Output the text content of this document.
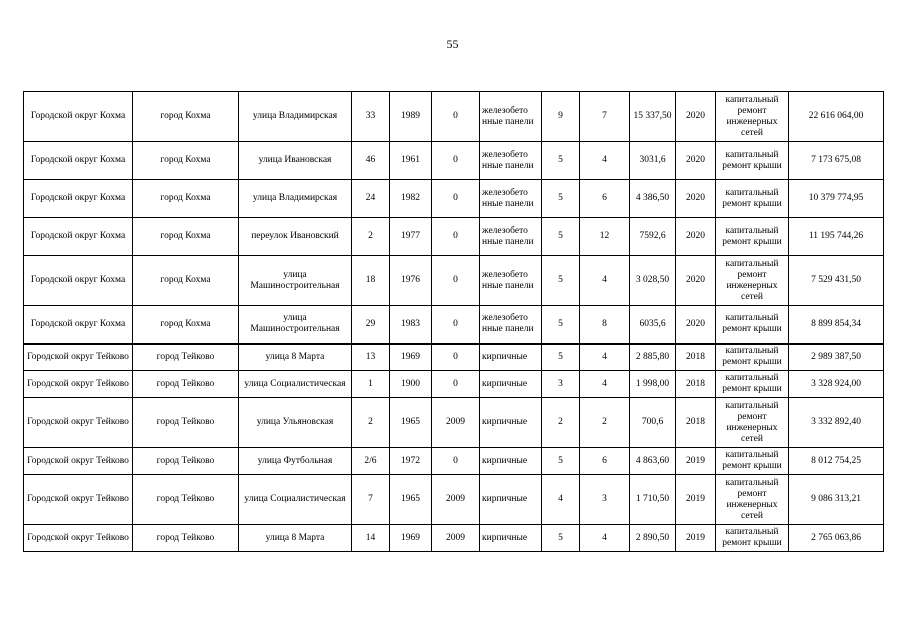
55
Городской округ Кохма	город Кохма	улица Владимирская	33	1989	0	железобето нные панели	9	7	15 337,50	2020	капитальный ремонт инженерных сетей	22 616 064,00
Городской округ Кохма	город Кохма	улица Ивановская	46	1961	0	железобето нные панели	5	4	3031,6	2020	капитальный ремонт крыши	7 173 675,08
Городской округ Кохма	город Кохма	улица Владимирская	24	1982	0	железобето нные панели	5	6	4 386,50	2020	капитальный ремонт крыши	10 379 774,95
Городской округ Кохма	город Кохма	переулок Ивановский	2	1977	0	железобето нные панели	5	12	7592,6	2020	капитальный ремонт крыши	11 195 744,26
Городской округ Кохма	город Кохма	улица Машиностроительная	18	1976	0	железобето нные панели	5	4	3 028,50	2020	капитальный ремонт инженерных сетей	7 529 431,50
Городской округ Кохма	город Кохма	улица Машиностроительная	29	1983	0	железобето нные панели	5	8	6035,6	2020	капитальный ремонт крыши	8 899 854,34
Городской округ Тейково	город Тейково	улица 8 Марта	13	1969	0	кирпичные	5	4	2 885,80	2018	капитальный ремонт крыши	2 989 387,50
Городской округ Тейково	город Тейково	улица Социалистическая	1	1900	0	кирпичные	3	4	1 998,00	2018	капитальный ремонт крыши	3 328 924,00
Городской округ Тейково	город Тейково	улица Ульяновская	2	1965	2009	кирпичные	2	2	700,6	2018	капитальный ремонт инженерных сетей	3 332 892,40
Городской округ Тейково	город Тейково	улица Футбольная	2/6	1972	0	кирпичные	5	6	4 863,60	2019	капитальный ремонт крыши	8 012 754,25
Городской округ Тейково	город Тейково	улица Социалистическая	7	1965	2009	кирпичные	4	3	1 710,50	2019	капитальный ремонт инженерных сетей	9 086 313,21
Городской округ Тейково	город Тейково	улица 8 Марта	14	1969	2009	кирпичные	5	4	2 890,50	2019	капитальный ремонт крыши	2 765 063,86
